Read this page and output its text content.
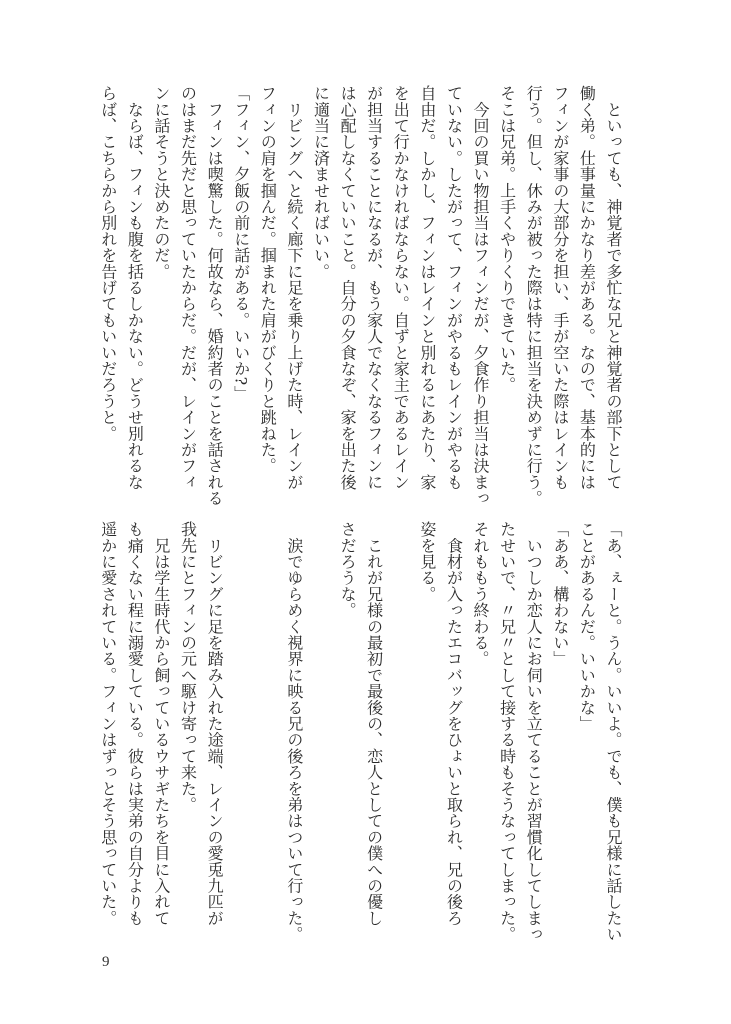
　といっても、神覚者で多忙な兄と神覚者の部下として
働く弟。仕事量にかなり差がある。なので、基本的には
フィンが家事の大部分を担い、手が空いた際はレインも
行う。但し、休みが被った際は特に担当を決めずに行う。
そこは兄弟。上手くやりくりできていた。
　今回の買い物担当はフィンだが、夕食作り担当は決まっ
ていない。したがって、フィンがやるもレインがやるも
自由だ。しかし、フィンはレインと別れるにあたり、家
を出て行かなければならない。自ずと家主であるレイン
が担当することになるが、もう家人でなくなるフィンに
は心配しなくていいこと。自分の夕食なぞ、家を出た後
に適当に済ませればいい。
　リビングへと続く廊下に足を乗り上げた時、レインが
フィンの肩を掴んだ。掴まれた肩がびくりと跳ねた。
「フィン、夕飯の前に話がある。いいか?」
　フィンは喫驚した。何故なら、婚約者のことを話される
のはまだ先だと思っていたからだ。だが、レインがフィ
ンに話そうと決めたのだ。
　ならば、フィンも腹を括るしかない。どうせ別れるな
らば、こちらから別れを告げてもいいだろうと。
「あ、ぇーと。うん。いいよ。でも、僕も兄様に話したい
ことがあるんだ。いいかな」
「ああ、構わない」
　いつしか恋人にお伺いを立てることが習慣化してしまっ
たせいで、〃兄〃として接する時もそうなってしまった。
それももう終わる。
　食材が入ったエコバッグをひょいと取られ、兄の後ろ
姿を見る。

　これが兄様の最初で最後の、恋人としての僕への優し
さだろうな。

　涙でゆらめく視界に映る兄の後ろを弟はついて行った。

　リビングに足を踏み入れた途端、レインの愛兎九匹が
我先にとフィンの元へ駆け寄って来た。
　兄は学生時代から飼っているウサギたちを目に入れて
も痛くない程に溺愛している。彼らは実弟の自分よりも
遥かに愛されている。フィンはずっとそう思っていた。
9
